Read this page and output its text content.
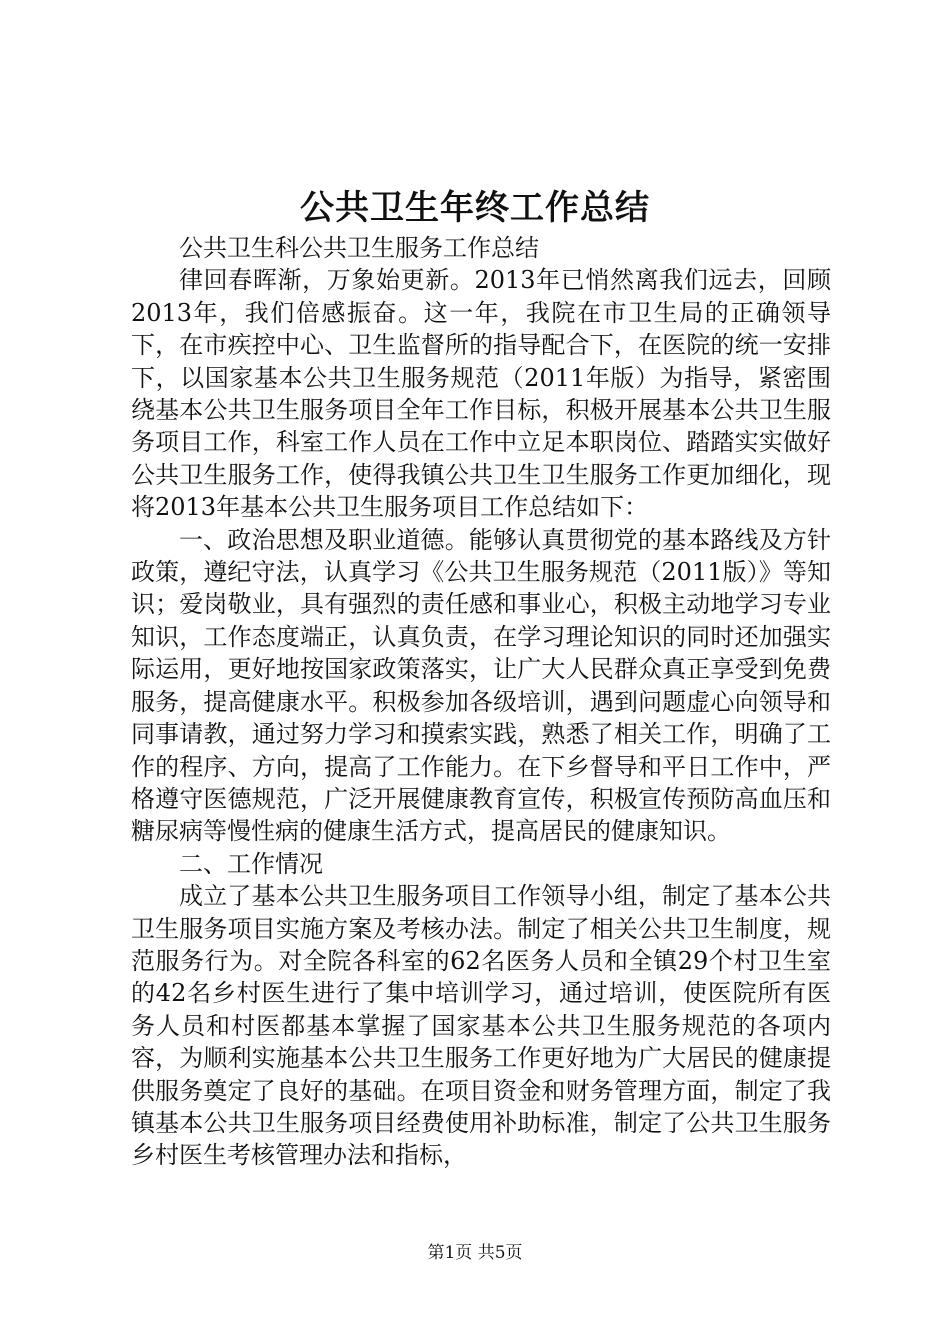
公共卫生年终工作总结

公共卫生科公共卫生服务工作总结

律回春晖渐，万象始更新。2013年已悄然离我们远去，回顾2013年，我们倍感振奋。这一年，我院在市卫生局的正确领导下，在市疾控中心、卫生监督所的指导配合下，在医院的统一安排下，以国家基本公共卫生服务规范（2011年版）为指导，紧密围绕基本公共卫生服务项目全年工作目标，积极开展基本公共卫生服务项目工作，科室工作人员在工作中立足本职岗位、踏踏实实做好公共卫生服务工作，使得我镇公共卫生卫生服务工作更加细化，现将2013年基本公共卫生服务项目工作总结如下：

一、政治思想及职业道德。能够认真贯彻党的基本路线及方针政策，遵纪守法，认真学习《公共卫生服务规范（2011版）》等知识；爱岗敬业，具有强烈的责任感和事业心，积极主动地学习专业知识，工作态度端正，认真负责，在学习理论知识的同时还加强实际运用，更好地按国家政策落实，让广大人民群众真正享受到免费服务，提高健康水平。积极参加各级培训，遇到问题虚心向领导和同事请教，通过努力学习和摸索实践，熟悉了相关工作，明确了工作的程序、方向，提高了工作能力。在下乡督导和平日工作中，严格遵守医德规范，广泛开展健康教育宣传，积极宣传预防高血压和糖尿病等慢性病的健康生活方式，提高居民的健康知识。

二、工作情况

成立了基本公共卫生服务项目工作领导小组，制定了基本公共卫生服务项目实施方案及考核办法。制定了相关公共卫生制度，规范服务行为。对全院各科室的62名医务人员和全镇29个村卫生室的42名乡村医生进行了集中培训学习，通过培训，使医院所有医务人员和村医都基本掌握了国家基本公共卫生服务规范的各项内容，为顺利实施基本公共卫生服务工作更好地为广大居民的健康提供服务奠定了良好的基础。在项目资金和财务管理方面，制定了我镇基本公共卫生服务项目经费使用补助标准，制定了公共卫生服务乡村医生考核管理办法和指标，

第1页 共5页
